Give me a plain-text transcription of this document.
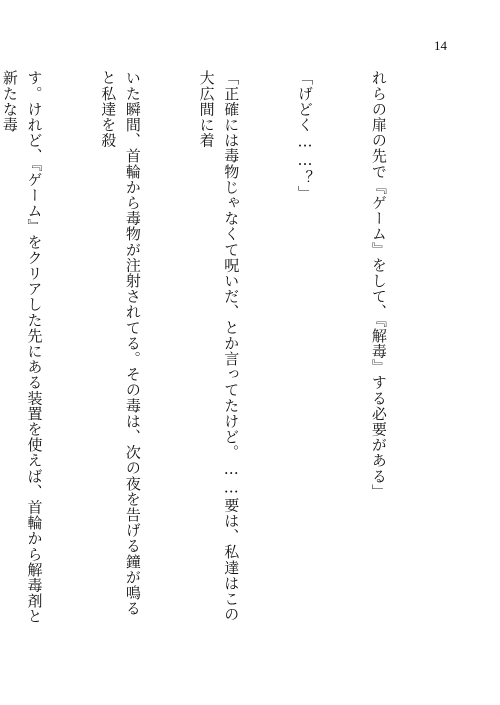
14

れらの扉の先で『ゲーム』をして、『解毒』する必要がある」

「げどく……？」

「正確には毒物じゃなくて呪いだ、とか言ってたけど。……要は、私達はこの大広間に着

いた瞬間、首輪から毒物が注射されてる。その毒は、次の夜を告げる鐘が鳴ると私達を殺

す。けれど、『ゲーム』をクリアした先にある装置を使えば、首輪から解毒剤と新たな毒
